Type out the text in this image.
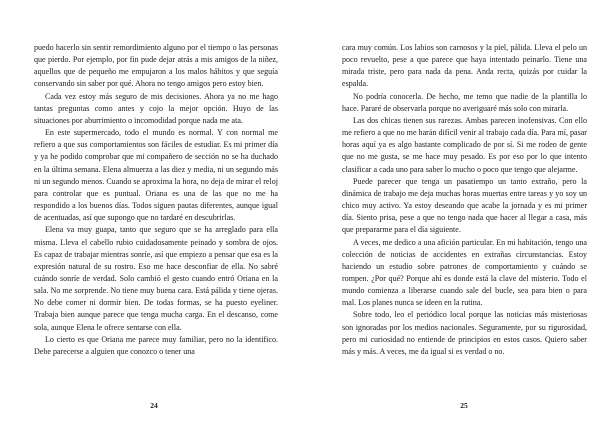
puedo hacerlo sin sentir remordimiento alguno por el tiempo o las personas que pierdo. Por ejemplo, por fin pude dejar atrás a mis amigos de la niñez, aquellos que de pequeño me empujaron a los malos hábitos y que seguía conservando sin saber por qué. Ahora no tengo amigos pero estoy bien.

Cada vez estoy más seguro de mis decisiones. Ahora ya no me hago tantas preguntas como antes y cojo la mejor opción. Huyo de las situaciones por aburrimiento o incomodidad porque nada me ata.

En este supermercado, todo el mundo es normal. Y con normal me refiero a que sus comportamientos son fáciles de estudiar. Es mi primer día y ya he podido comprobar que mi compañero de sección no se ha duchado en la última semana. Elena almuerza a las diez y media, ni un segundo más ni un segundo menos. Cuando se aproxima la hora, no deja de mirar el reloj para controlar que es puntual. Oriana es una de las que no me ha respondido a los buenos días. Todos siguen pautas diferentes, aunque igual de acentuadas, así que supongo que no tardaré en descubrirlas.

Elena va muy guapa, tanto que seguro que se ha arreglado para ella misma. Lleva el cabello rubio cuidadosamente peinado y sombra de ojos. Es capaz de trabajar mientras sonríe, así que empiezo a pensar que esa es la expresión natural de su rostro. Eso me hace desconfiar de ella. No sabré cuándo sonríe de verdad. Solo cambió el gesto cuando entró Oriana en la sala. No me sorprende. No tiene muy buena cara. Está pálida y tiene ojeras. No debe comer ni dormir bien. De todas formas, se ha puesto eyeliner. Trabaja bien aunque parece que tenga mucha carga. En el descanso, come sola, aunque Elena le ofrece sentarse con ella.

Lo cierto es que Oriana me parece muy familiar, pero no la identifico. Debe parecerse a alguien que conozco o tener una

24

cara muy común. Los labios son carnosos y la piel, pálida. Lleva el pelo un poco revuelto, pese a que parece que haya intentado peinarlo. Tiene una mirada triste, pero para nada da pena. Anda recta, quizás por cuidar la espalda.

No podría conocerla. De hecho, me temo que nadie de la plantilla lo hace. Pararé de observarla porque no averiguaré más solo con mirarla.

Las dos chicas tienen sus rarezas. Ambas parecen inofensivas. Con ello me refiero a que no me harán difícil venir al trabajo cada día. Para mí, pasar horas aquí ya es algo bastante complicado de por sí. Si me rodeo de gente que no me gusta, se me hace muy pesado. Es por eso por lo que intento clasificar a cada uno para saber lo mucho o poco que tengo que alejarme.

Puede parecer que tenga un pasatiempo un tanto extraño, pero la dinámica de trabajo me deja muchas horas muertas entre tareas y yo soy un chico muy activo. Ya estoy deseando que acabe la jornada y es mi primer día. Siento prisa, pese a que no tengo nada que hacer al llegar a casa, más que prepararme para el día siguiente.

A veces, me dedico a una afición particular. En mi habitación, tengo una colección de noticias de accidentes en extrañas circunstancias. Estoy haciendo un estudio sobre patrones de comportamiento y cuándo se rompen. ¿Por qué? Porque ahí es donde está la clave del misterio. Todo el mundo comienza a liberarse cuando sale del bucle, sea para bien o para mal. Los planes nunca se ideen en la rutina.

Sobre todo, leo el periódico local porque las noticias más misteriosas son ignoradas por los medios nacionales. Seguramente, por su rigurosidad, pero mi curiosidad no entiende de principios en estos casos. Quiero saber más y más. A veces, me da igual si es verdad o no.

25
